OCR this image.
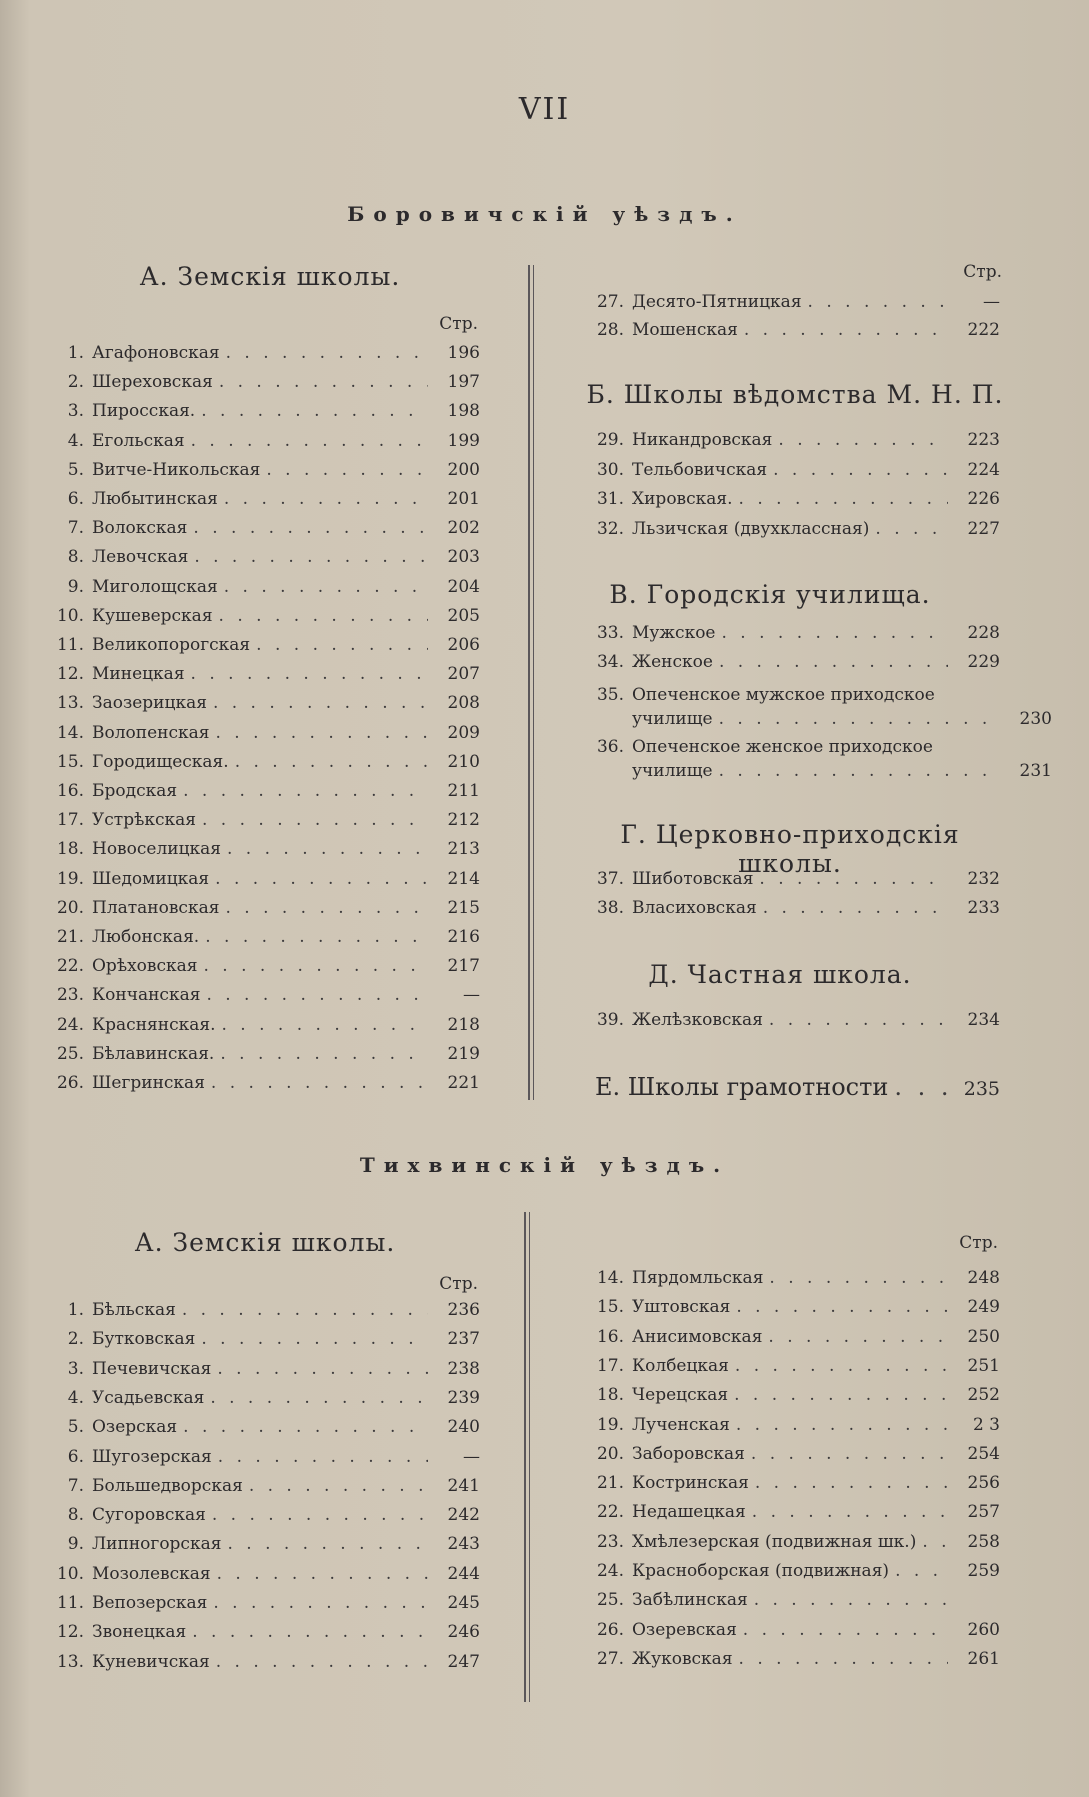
VII
Боровичскій уѣздъ.
А. Земскія школы.
Стр.
1. Агафоновская . . .	196
2. Шереховская . . .	197
3. Пиросская. . . .	198
4. Егольская . . .	199
5. Витче-Никольская . . .	200
6. Любытинская . . .	201
7. Волокская . . .	202
8. Левочская . . .	203
9. Миголощская . . .	204
10. Кушеверская . . .	205
11. Великопорогская . . .	206
12. Минецкая . . .	207
13. Заозерицкая . . .	208
14. Волопенская . . .	209
15. Городищеская. . . .	210
16. Бродская . . .	211
17. Устрѣкская . . .	212
18. Новоселицкая . . .	213
19. Шедомицкая . . .	214
20. Платановская . . .	215
21. Любонская. . . .	216
22. Орѣховская . . .	217
23. Кончанская . . .	—
24. Краснянская. . . .	218
25. Бѣлавинская. . . .	219
26. Шегринская . . .	221
Стр.
27. Десято-Пятницкая . . .	—
28. Мошенская . . .	222
Б. Школы вѣдомства М. Н. П.
29. Никандровская . . .	223
30. Тельбовичская . . .	224
31. Хировская. . . .	226
32. Льзичская (двухклассная) . . .	227
В. Городскія училища.
33. Мужское . . .	228
34. Женское . . .	229
35. Опеченское мужское приходское
училище . . .	230
36. Опеченское женское приходское
училище . . .	231
Г. Церковно-приходскія школы.
37. Шиботовская . . .	232
38. Власиховская . . .	233
Д. Частная школа.
39. Желѣзковская . . .	234
Е. Школы грамотности . . .	235
Тихвинскій уѣздъ.
А. Земскія школы.
Стр.
1. Бѣльская . . .	236
2. Бутковская . . .	237
3. Печевичская . . .	238
4. Усадьевская . . .	239
5. Озерская . . .	240
6. Шугозерская . . .	—
7. Большедворская . . .	241
8. Сугоровская . . .	242
9. Липногорская . . .	243
10. Мозолевская . . .	244
11. Вепозерская . . .	245
12. Звонецкая . . .	246
13. Куневичская . . .	247
Стр.
14. Пярдомльская . . .	248
15. Уштовская . . .	249
16. Анисимовская . . .	250
17. Колбецкая . . .	251
18. Черецская . . .	252
19. Лученская . . .	2 3
20. Заборовская . . .	254
21. Костринская . . .	256
22. Недашецкая . . .	257
23. Хмѣлезерская (подвижная шк.) . . .	258
24. Красноборская (подвижная) . . .	259
25. Забѣлинская
. . .
26. Озеревская . . .	260
27. Жуковская . . .	261
